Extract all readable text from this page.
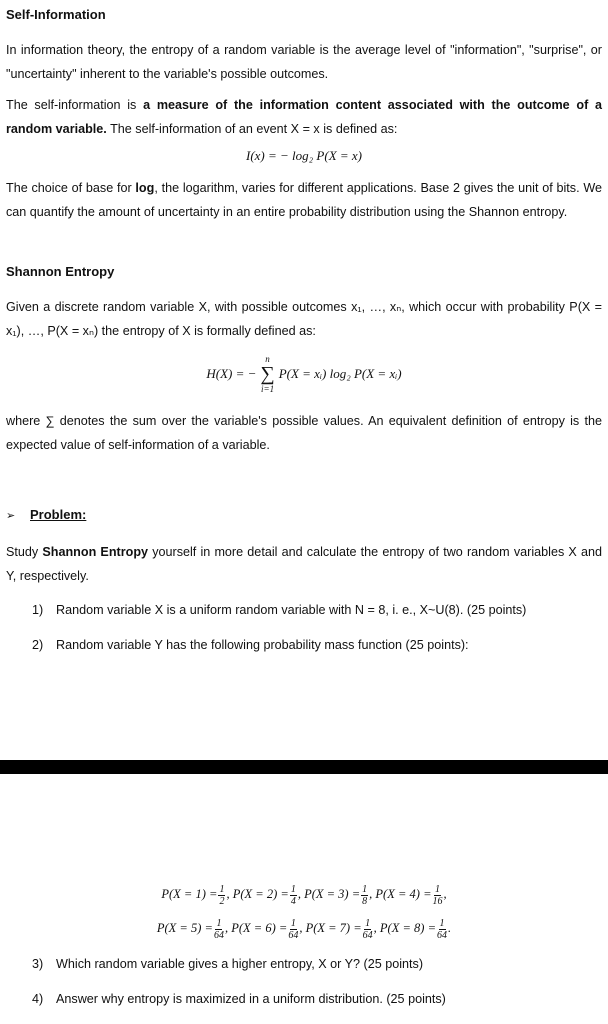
Self-Information
In information theory, the entropy of a random variable is the average level of "information", "surprise", or "uncertainty" inherent to the variable's possible outcomes.
The self-information is a measure of the information content associated with the outcome of a random variable. The self-information of an event X = x is defined as:
I(x) = − log₂ P(X = x)
The choice of base for log, the logarithm, varies for different applications. Base 2 gives the unit of bits. We can quantify the amount of uncertainty in an entire probability distribution using the Shannon entropy.
Shannon Entropy
Given a discrete random variable X, with possible outcomes x₁, …, xₙ, which occur with probability P(X = x₁), …, P(X = xₙ) the entropy of X is formally defined as:
H(X) = −
n
∑
i=1
P(X = xᵢ) log₂ P(X = xᵢ)
where ∑ denotes the sum over the variable's possible values. An equivalent definition of entropy is the expected value of self-information of a variable.
➢ Problem:
Study Shannon Entropy yourself in more detail and calculate the entropy of two random variables X and Y, respectively.
1) Random variable X is a uniform random variable with N = 8, i. e., X~U(8). (25 points)
2) Random variable Y has the following probability mass function (25 points):
$P(X = 1) = \frac{1}{2}$ , $P(X = 2) = \frac{1}{4}$ , $P(X = 3) = \frac{1}{8}$ , $P(X = 4) = \frac{1}{16}$ ,
$P(X = 5) = \frac{1}{64}$ , $P(X = 6) = \frac{1}{64}$ , $P(X = 7) = \frac{1}{64}$ , $P(X = 8) = \frac{1}{64}$ .
3) Which random variable gives a higher entropy, X or Y? (25 points)
4) Answer why entropy is maximized in a uniform distribution. (25 points)
